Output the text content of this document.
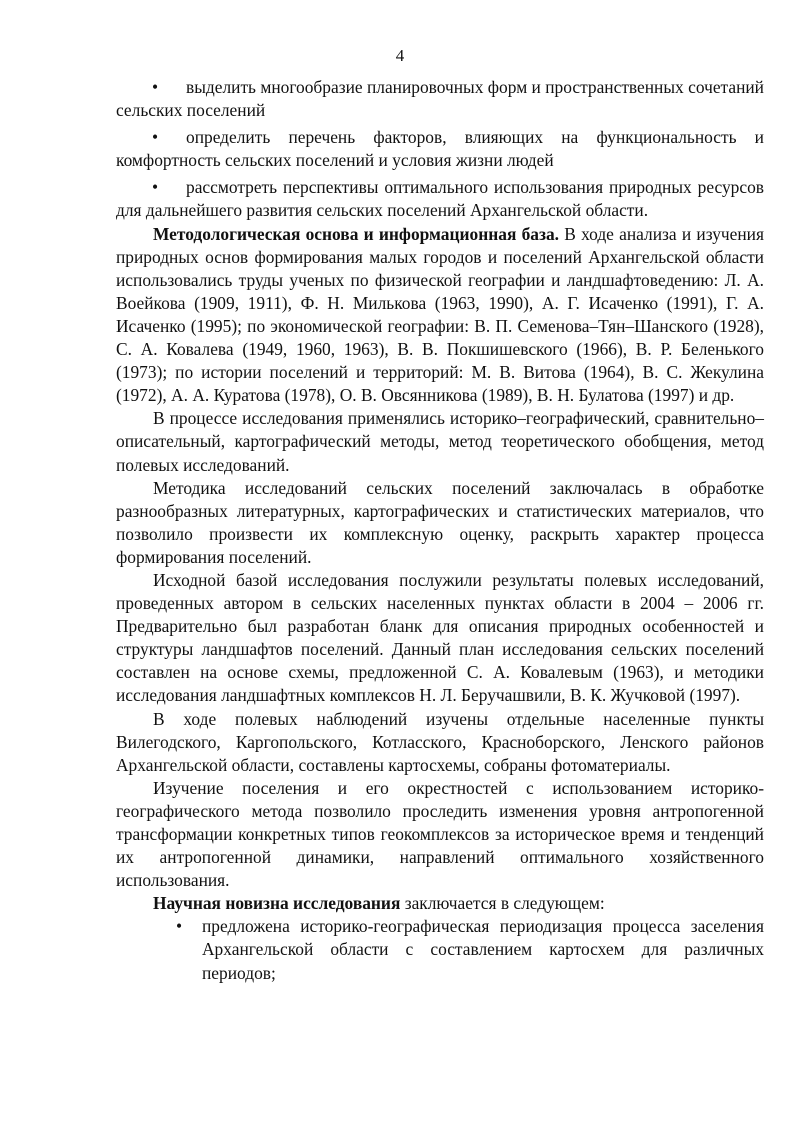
4

• выделить многообразие планировочных форм и пространственных сочетаний сельских поселений

• определить перечень факторов, влияющих на функциональность и комфортность сельских поселений и условия жизни людей

• рассмотреть перспективы оптимального использования природных ресурсов для дальнейшего развития сельских поселений Архангельской области.

Методологическая основа и информационная база. В ходе анализа и изучения природных основ формирования малых городов и поселений Архангельской области использовались труды ученых по физической географии и ландшафтоведению: Л. А. Воейкова (1909, 1911), Ф. Н. Милькова (1963, 1990), А. Г. Исаченко (1991), Г. А. Исаченко (1995); по экономической географии: В. П. Семенова–Тян–Шанского (1928), С. А. Ковалева (1949, 1960, 1963), В. В. Покшишевского (1966), В. Р. Беленького (1973); по истории поселений и территорий: М. В. Витова (1964), В. С. Жекулина (1972), А. А. Куратова (1978), О. В. Овсянникова (1989), В. Н. Булатова (1997) и др.

В процессе исследования применялись историко–географический, сравнительно–описательный, картографический методы, метод теоретического обобщения, метод полевых исследований.

Методика исследований сельских поселений заключалась в обработке разнообразных литературных, картографических и статистических материалов, что позволило произвести их комплексную оценку, раскрыть характер процесса формирования поселений.

Исходной базой исследования послужили результаты полевых исследований, проведенных автором в сельских населенных пунктах области в 2004 – 2006 гг. Предварительно был разработан бланк для описания природных особенностей и структуры ландшафтов поселений. Данный план исследования сельских поселений составлен на основе схемы, предложенной С. А. Ковалевым (1963), и методики исследования ландшафтных комплексов Н. Л. Беручашвили, В. К. Жучковой (1997).

В ходе полевых наблюдений изучены отдельные населенные пункты Вилегодского, Каргопольского, Котласского, Красноборского, Ленского районов Архангельской области, составлены картосхемы, собраны фотоматериалы.

Изучение поселения и его окрестностей с использованием историко-географического метода позволило проследить изменения уровня антропогенной трансформации конкретных типов геокомплексов за историческое время и тенденций их антропогенной динамики, направлений оптимального хозяйственного использования.

Научная новизна исследования заключается в следующем:

• предложена историко-географическая периодизация процесса заселения Архангельской области с составлением картосхем для различных периодов;
